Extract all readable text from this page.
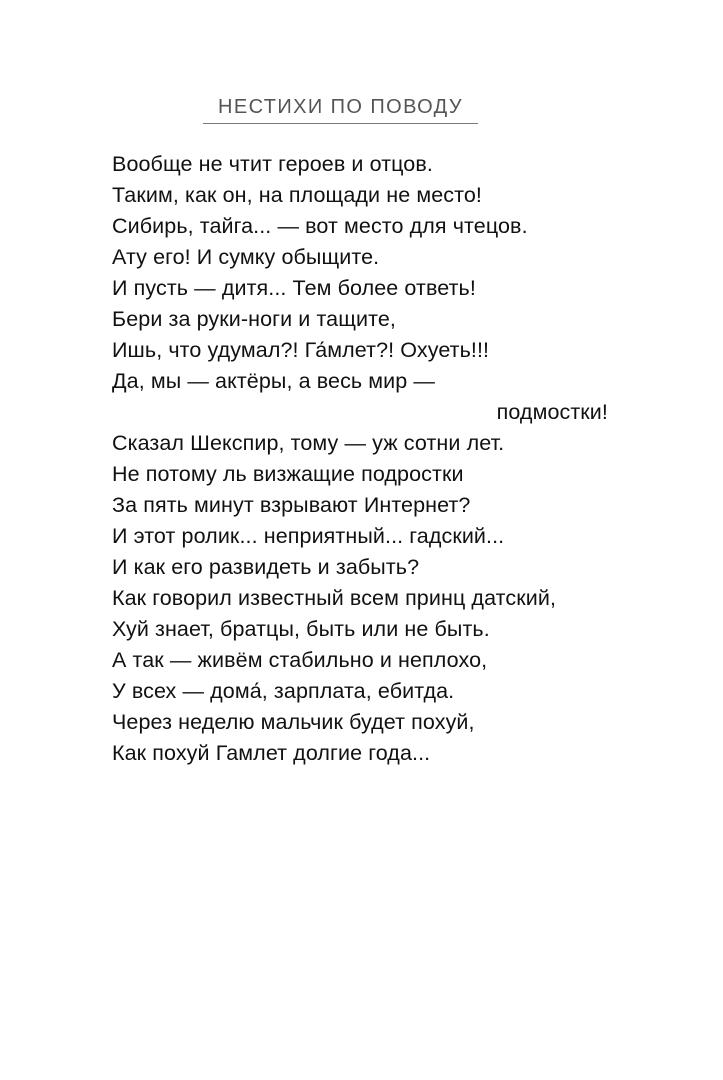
НЕСТИХИ ПО ПОВОДУ
Вообще не чтит героев и отцов.
Таким, как он, на площади не место!
Сибирь, тайга... — вот место для чтецов.
Ату его! И сумку обыщите.
И пусть — дитя... Тем более ответь!
Бери за руки-ноги и тащите,
Ишь, что удумал?! Га́млет?! Охуеть!!!
Да, мы — актёры, а весь мир —
подмостки!
Сказал Шекспир, тому — уж сотни лет.
Не потому ль визжащие подростки
За пять минут взрывают Интернет?
И этот ролик... неприятный... гадский...
И как его развидеть и забыть?
Как говорил известный всем принц датский,
Хуй знает, братцы, быть или не быть.
А так — живём стабильно и неплохо,
У всех — дома́, зарплата, ебитда.
Через неделю мальчик будет похуй,
Как похуй Гамлет долгие года...
